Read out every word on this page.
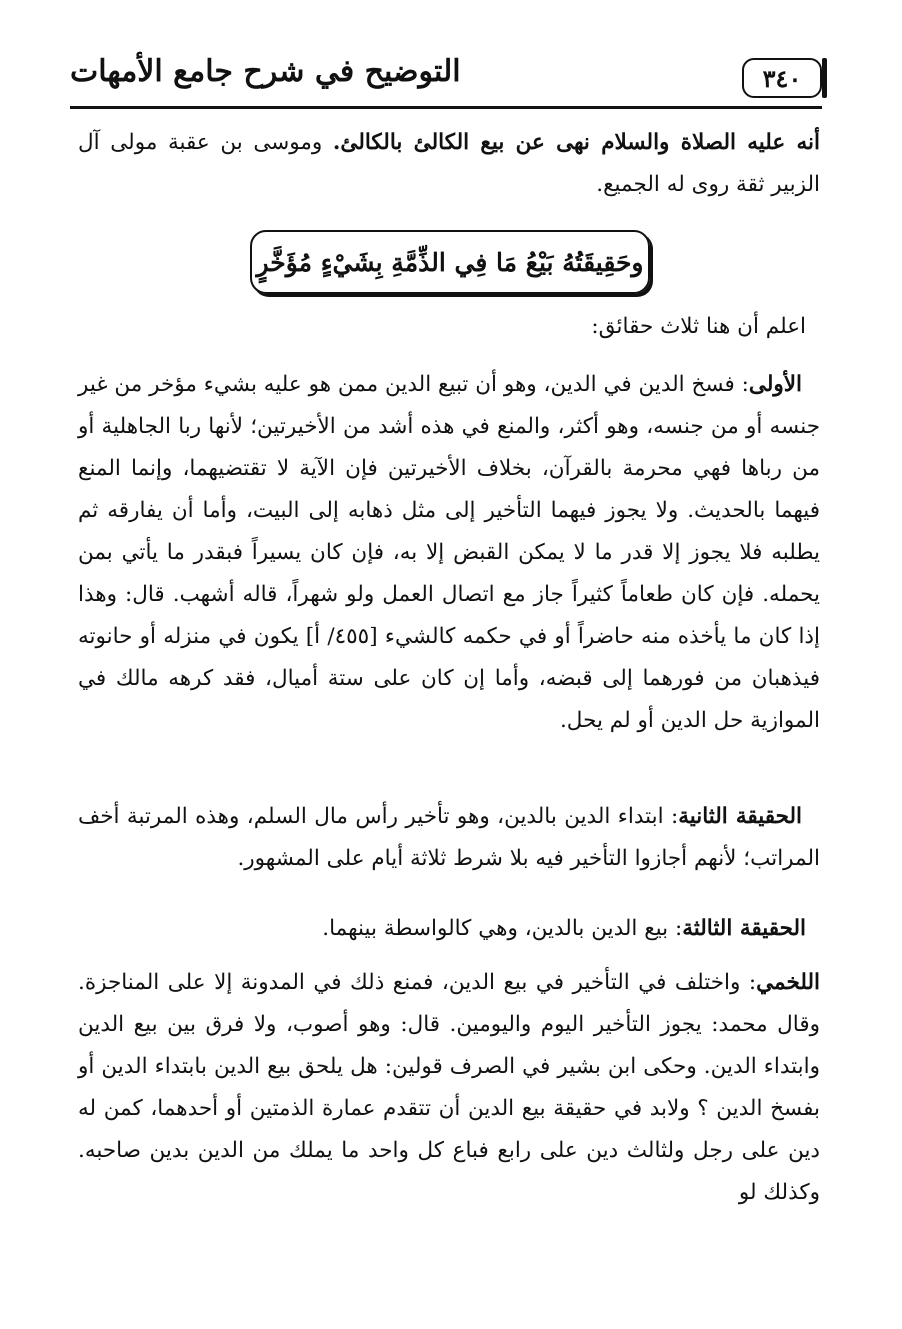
التوضيح في شرح جامع الأمهات	٣٤٠
أنه عليه الصلاة والسلام نهى عن بيع الكالئ بالكالئ. وموسى بن عقبة مولى آل الزبير ثقة روى له الجميع.
وحَقِيقَتُهُ بَيْعُ مَا فِي الذِّمَّةِ بِشَيْءٍ مُؤَخَّرٍ
اعلم أن هنا ثلاث حقائق:
الأولى: فسخ الدين في الدين، وهو أن تبيع الدين ممن هو عليه بشيء مؤخر من غير جنسه أو من جنسه، وهو أكثر، والمنع في هذه أشد من الأخيرتين؛ لأنها ربا الجاهلية أو من رباها فهي محرمة بالقرآن، بخلاف الأخيرتين فإن الآية لا تقتضيهما، وإنما المنع فيهما بالحديث. ولا يجوز فيهما التأخير إلى مثل ذهابه إلى البيت، وأما أن يفارقه ثم يطلبه فلا يجوز إلا قدر ما لا يمكن القبض إلا به، فإن كان يسيراً فبقدر ما يأتي بمن يحمله. فإن كان طعاماً كثيراً جاز مع اتصال العمل ولو شهراً، قاله أشهب. قال: وهذا إذا كان ما يأخذه منه حاضراً أو في حكمه كالشيء [٤٥٥/ أ] يكون في منزله أو حانوته فيذهبان من فورهما إلى قبضه، وأما إن كان على ستة أميال، فقد كرهه مالك في الموازية حل الدين أو لم يحل.
الحقيقة الثانية: ابتداء الدين بالدين، وهو تأخير رأس مال السلم، وهذه المرتبة أخف المراتب؛ لأنهم أجازوا التأخير فيه بلا شرط ثلاثة أيام على المشهور.
الحقيقة الثالثة: بيع الدين بالدين، وهي كالواسطة بينهما.
اللخمي: واختلف في التأخير في بيع الدين، فمنع ذلك في المدونة إلا على المناجزة. وقال محمد: يجوز التأخير اليوم واليومين. قال: وهو أصوب، ولا فرق بين بيع الدين وابتداء الدين. وحكى ابن بشير في الصرف قولين: هل يلحق بيع الدين بابتداء الدين أو بفسخ الدين ؟ ولابد في حقيقة بيع الدين أن تتقدم عمارة الذمتين أو أحدهما، كمن له دين على رجل ولثالث دين على رابع فباع كل واحد ما يملك من الدين بدين صاحبه. وكذلك لو
